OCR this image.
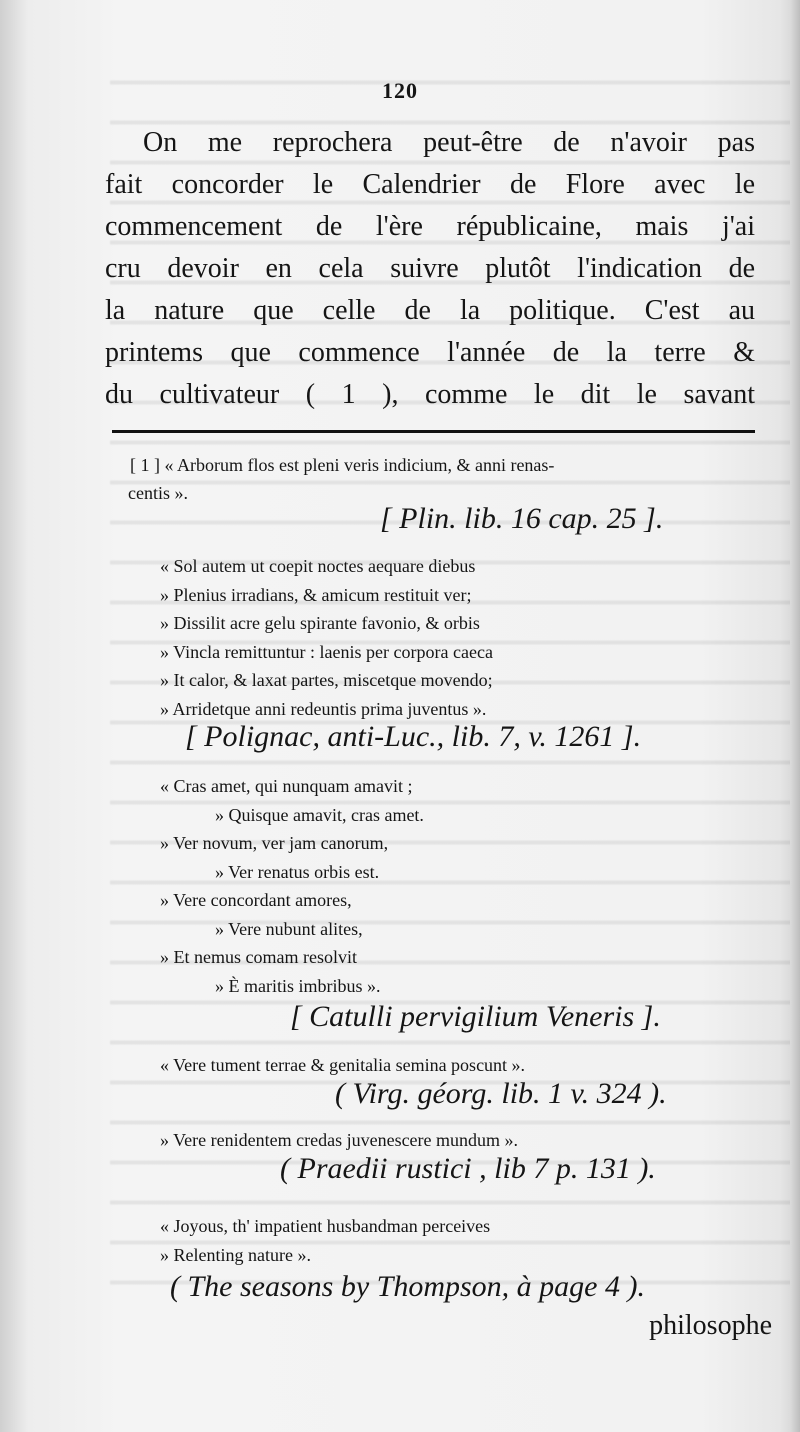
120
On me reprochera peut-être de n'avoir pas
fait concorder le Calendrier de Flore avec le
commencement de l'ère républicaine, mais j'ai
cru devoir en cela suivre plutôt l'indication de
la nature que celle de la politique. C'est au
printems que commence l'année de la terre &
du cultivateur ( 1 ), comme le dit le savant
[ 1 ] « Arborum flos est pleni veris indicium, & anni renas-
centis ».
[ Plin. lib. 16 cap. 25 ].
« Sol autem ut coepit noctes aequare diebus
» Plenius irradians, & amicum restituit ver;
» Dissilit acre gelu spirante favonio, & orbis
» Vincla remittuntur : laenis per corpora caeca
» It calor, & laxat partes, miscetque movendo;
» Arridetque anni redeuntis prima juventus ».
[ Polignac, anti-Luc., lib. 7, v. 1261 ].
« Cras amet, qui nunquam amavit ;
» Quisque amavit, cras amet.
» Ver novum, ver jam canorum,
» Ver renatus orbis est.
» Vere concordant amores,
» Vere nubunt alites,
» Et nemus comam resolvit
» È maritis imbribus ».
[ Catulli pervigilium Veneris ].
« Vere tument terrae & genitalia semina poscunt ».
( Virg. géorg. lib. 1 v. 324 ).
» Vere renidentem credas juvenescere mundum ».
( Praedii rustici , lib 7 p. 131 ).
« Joyous, th' impatient husbandman perceives
» Relenting nature ».
( The seasons by Thompson, à page 4 ).
philosophe
